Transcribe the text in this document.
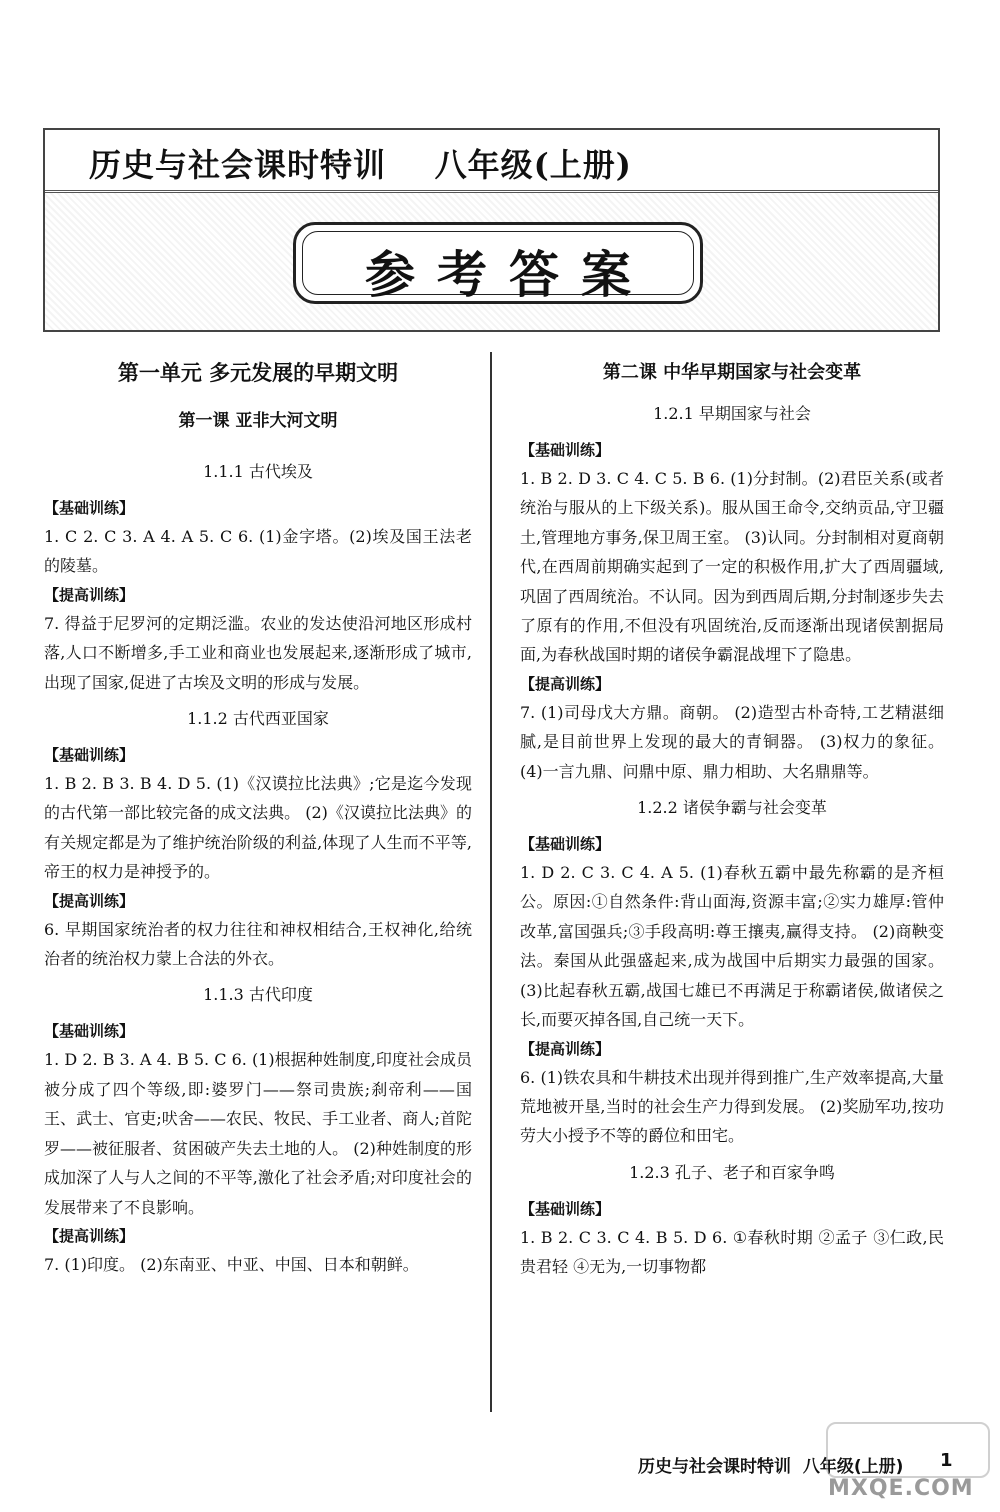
历史与社会课时特训    八年级(上册)
参考答案
第一单元 多元发展的早期文明
第一课 亚非大河文明
1.1.1 古代埃及
【基础训练】

1. C 2. C 3. A 4. A 5. C 6. (1)金字塔。(2)埃及国王法老的陵墓。

【提高训练】

7. 得益于尼罗河的定期泛滥。农业的发达使沿河地区形成村落,人口不断增多,手工业和商业也发展起来,逐渐形成了城市,出现了国家,促进了古埃及文明的形成与发展。

1.1.2 古代西亚国家
【基础训练】

1. B 2. B 3. B 4. D 5. (1)《汉谟拉比法典》;它是迄今发现的古代第一部比较完备的成文法典。 (2)《汉谟拉比法典》的有关规定都是为了维护统治阶级的利益,体现了人生而不平等,帝王的权力是神授予的。

【提高训练】

6. 早期国家统治者的权力往往和神权相结合,王权神化,给统治者的统治权力蒙上合法的外衣。

1.1.3 古代印度
【基础训练】

1. D 2. B 3. A 4. B 5. C 6. (1)根据种姓制度,印度社会成员被分成了四个等级,即:婆罗门——祭司贵族;刹帝利——国王、武士、官吏;吠舍——农民、牧民、手工业者、商人;首陀罗——被征服者、贫困破产失去土地的人。 (2)种姓制度的形成加深了人与人之间的不平等,激化了社会矛盾;对印度社会的发展带来了不良影响。

【提高训练】

7. (1)印度。 (2)东南亚、中亚、中国、日本和朝鲜。

第二课 中华早期国家与社会变革
1.2.1 早期国家与社会
【基础训练】

1. B 2. D 3. C 4. C 5. B 6. (1)分封制。(2)君臣关系(或者统治与服从的上下级关系)。服从国王命令,交纳贡品,守卫疆土,管理地方事务,保卫周王室。 (3)认同。分封制相对夏商朝代,在西周前期确实起到了一定的积极作用,扩大了西周疆域,巩固了西周统治。不认同。因为到西周后期,分封制逐步失去了原有的作用,不但没有巩固统治,反而逐渐出现诸侯割据局面,为春秋战国时期的诸侯争霸混战埋下了隐患。

【提高训练】

7. (1)司母戊大方鼎。商朝。 (2)造型古朴奇特,工艺精湛细腻,是目前世界上发现的最大的青铜器。 (3)权力的象征。 (4)一言九鼎、问鼎中原、鼎力相助、大名鼎鼎等。

1.2.2 诸侯争霸与社会变革
【基础训练】

1. D 2. C 3. C 4. A 5. (1)春秋五霸中最先称霸的是齐桓公。原因:①自然条件:背山面海,资源丰富;②实力雄厚:管仲改革,富国强兵;③手段高明:尊王攘夷,赢得支持。 (2)商鞅变法。秦国从此强盛起来,成为战国中后期实力最强的国家。(3)比起春秋五霸,战国七雄已不再满足于称霸诸侯,做诸侯之长,而要灭掉各国,自己统一天下。

【提高训练】

6. (1)铁农具和牛耕技术出现并得到推广,生产效率提高,大量荒地被开垦,当时的社会生产力得到发展。 (2)奖励军功,按功劳大小授予不等的爵位和田宅。

1.2.3 孔子、老子和百家争鸣
【基础训练】

1. B 2. C 3. C 4. B 5. D 6. ①春秋时期 ②孟子 ③仁政,民贵君轻 ④无为,一切事物都

历史与社会课时特训  八年级(上册) 1
MXQE.COM
